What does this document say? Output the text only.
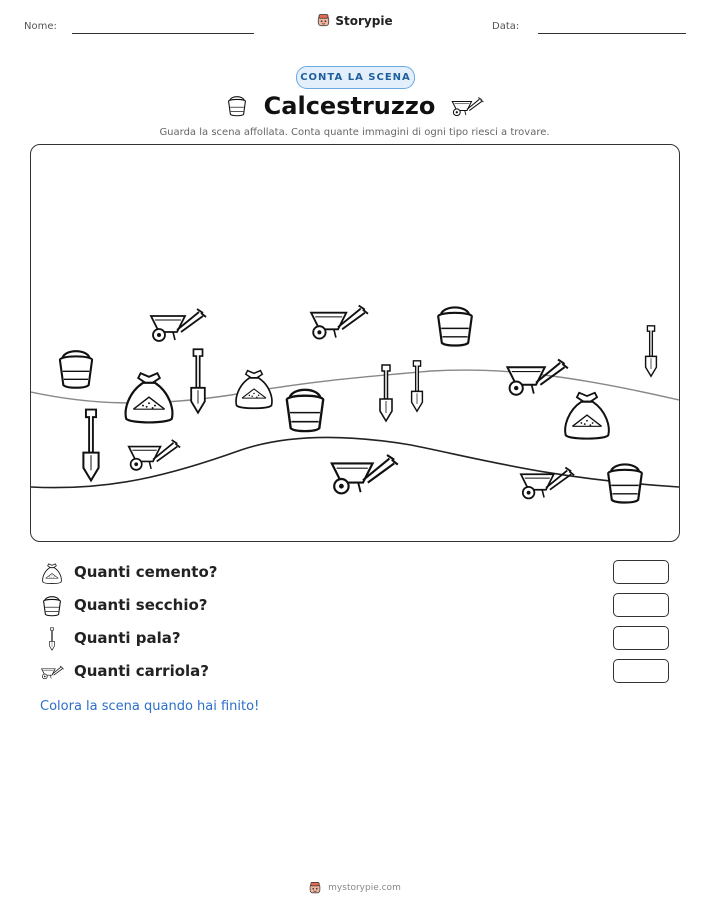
Nome:	Storypie	Data:
CONTA LA SCENA
Calcestruzzo
Guarda la scena affollata. Conta quante immagini di ogni tipo riesci a trovare.
Quanti cemento?
Quanti secchio?
Quanti pala?
Quanti carriola?
Colora la scena quando hai finito!
mystorypie.com
